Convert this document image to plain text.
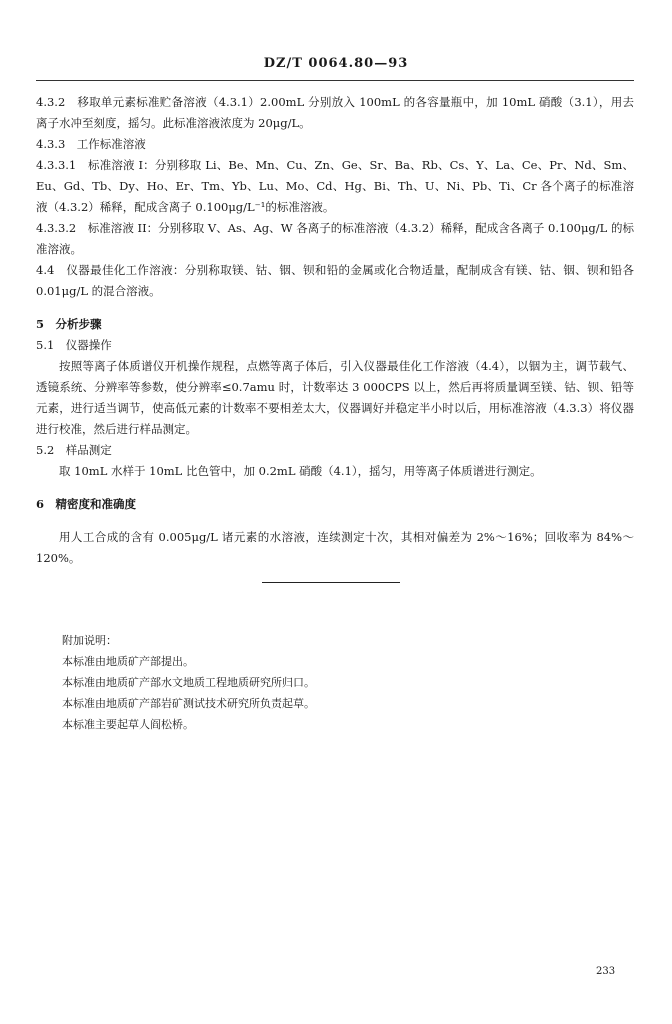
DZ/T 0064.80—93

4.3.2　移取单元素标准贮备溶液（4.3.1）2.00mL 分别放入 100mL 的各容量瓶中，加 10mL 硝酸（3.1），用去离子水冲至刻度，摇匀。此标准溶液浓度为 20μg/L。

4.3.3　工作标准溶液

4.3.3.1　标准溶液 I：分别移取 Li、Be、Mn、Cu、Zn、Ge、Sr、Ba、Rb、Cs、Y、La、Ce、Pr、Nd、Sm、Eu、Gd、Tb、Dy、Ho、Er、Tm、Yb、Lu、Mo、Cd、Hg、Bi、Th、U、Ni、Pb、Ti、Cr 各个离子的标准溶液（4.3.2）稀释，配成含离子 0.100μg/L⁻¹的标准溶液。

4.3.3.2　标准溶液 II：分别移取 V、As、Ag、W 各离子的标准溶液（4.3.2）稀释，配成含各离子 0.100μg/L 的标准溶液。

4.4　仪器最佳化工作溶液：分别称取镁、钴、铟、钡和铅的金属或化合物适量，配制成含有镁、钴、铟、钡和铅各 0.01μg/L 的混合溶液。

5　分析步骤

5.1　仪器操作

按照等离子体质谱仪开机操作规程，点燃等离子体后，引入仪器最佳化工作溶液（4.4），以铟为主，调节载气、透镜系统、分辨率等参数，使分辨率≤0.7amu 时，计数率达 3 000CPS 以上，然后再将质量调至镁、钴、钡、铅等元素，进行适当调节，使高低元素的计数率不要相差太大，仪器调好并稳定半小时以后，用标准溶液（4.3.3）将仪器进行校准，然后进行样品测定。

5.2　样品测定

取 10mL 水样于 10mL 比色管中，加 0.2mL 硝酸（4.1），摇匀，用等离子体质谱进行测定。

6　精密度和准确度

用人工合成的含有 0.005μg/L 诸元素的水溶液，连续测定十次，其相对偏差为 2%～16%；回收率为 84%～120%。

附加说明：

本标准由地质矿产部提出。

本标准由地质矿产部水文地质工程地质研究所归口。

本标准由地质矿产部岩矿测试技术研究所负责起草。

本标准主要起草人阎松桥。

233
